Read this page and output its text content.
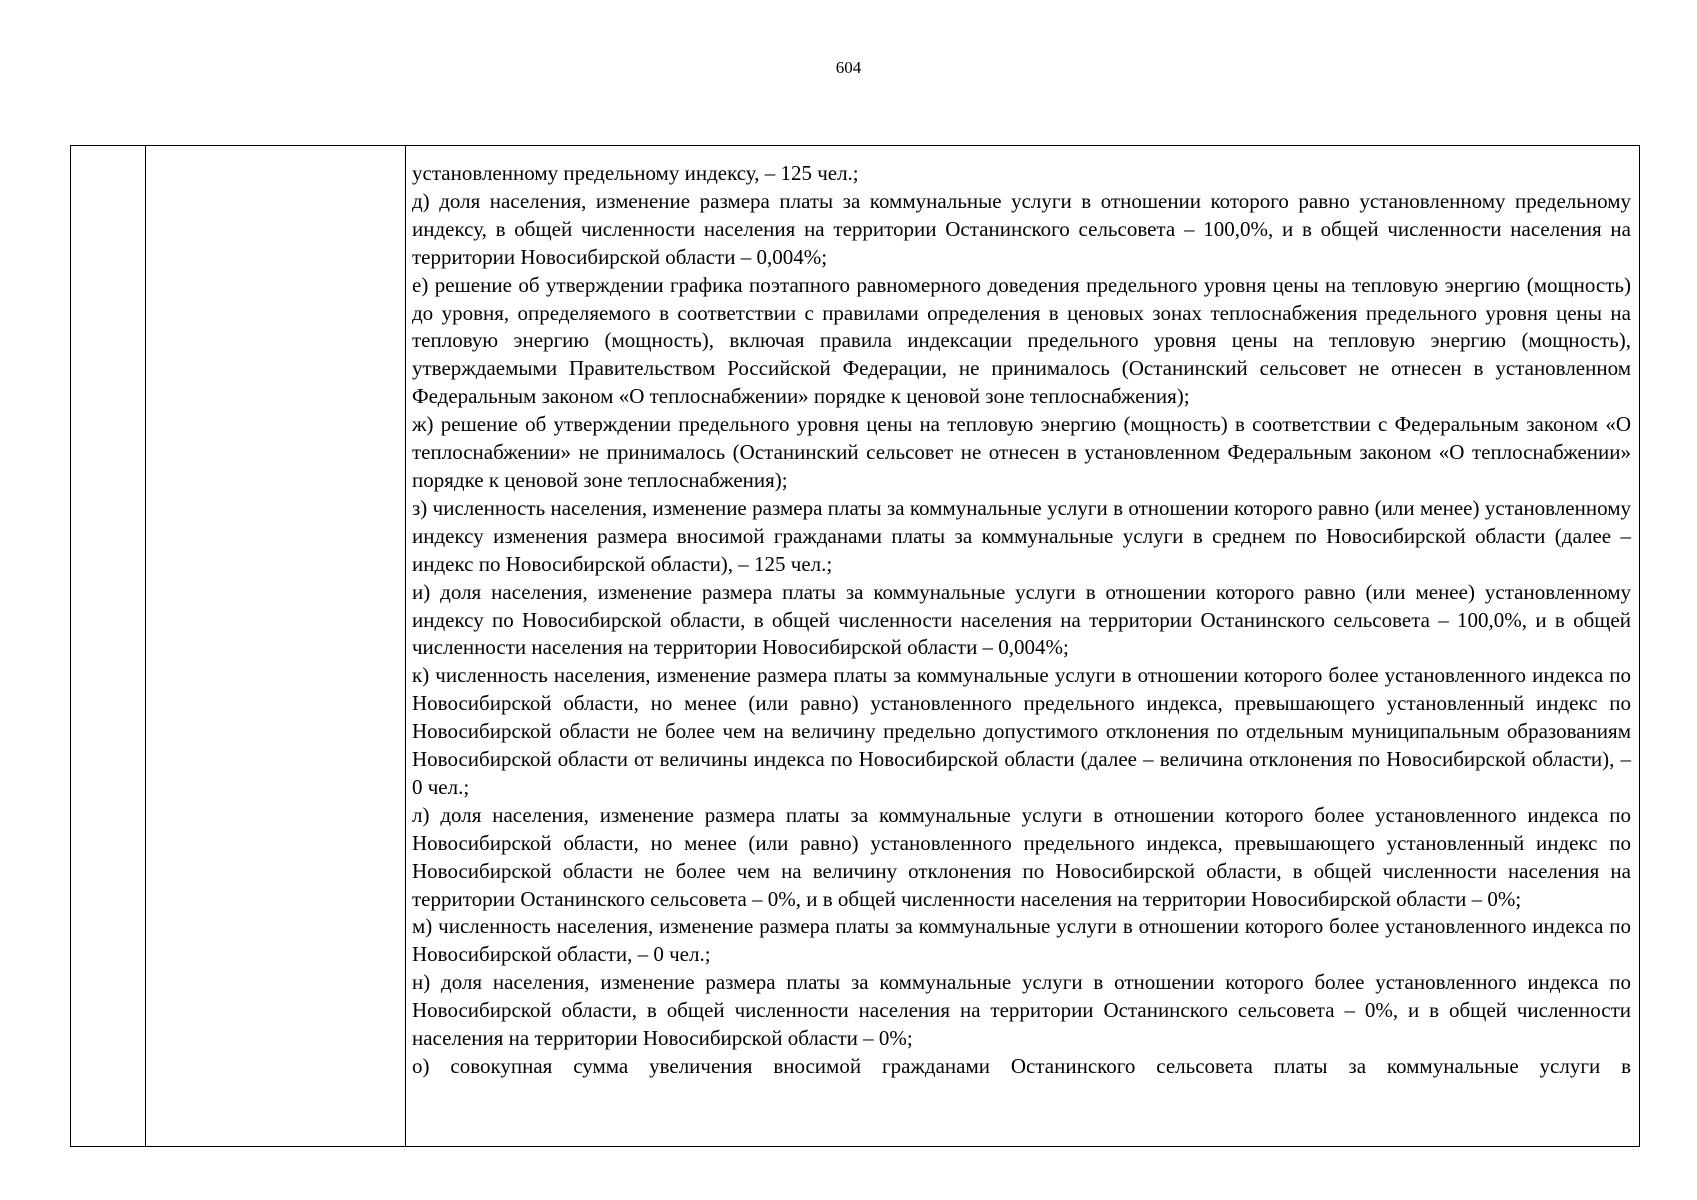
604

установленному предельному индексу, – 125 чел.;

д) доля населения, изменение размера платы за коммунальные услуги в отношении которого равно установленному предельному индексу, в общей численности населения на территории Останинского сельсовета – 100,0%, и в общей численности населения на территории Новосибирской области – 0,004%;

е) решение об утверждении графика поэтапного равномерного доведения предельного уровня цены на тепловую энергию (мощность) до уровня, определяемого в соответствии с правилами определения в ценовых зонах теплоснабжения предельного уровня цены на тепловую энергию (мощность), включая правила индексации предельного уровня цены на тепловую энергию (мощность), утверждаемыми Правительством Российской Федерации, не принималось (Останинский сельсовет не отнесен в установленном Федеральным законом «О теплоснабжении» порядке к ценовой зоне теплоснабжения);

ж) решение об утверждении предельного уровня цены на тепловую энергию (мощность) в соответствии с Федеральным законом «О теплоснабжении» не принималось (Останинский сельсовет не отнесен в установленном Федеральным законом «О теплоснабжении» порядке к ценовой зоне теплоснабжения);

з) численность населения, изменение размера платы за коммунальные услуги в отношении которого равно (или менее) установленному индексу изменения размера вносимой гражданами платы за коммунальные услуги в среднем по Новосибирской области (далее – индекс по Новосибирской области), – 125 чел.;

и) доля населения, изменение размера платы за коммунальные услуги в отношении которого равно (или менее) установленному индексу по Новосибирской области, в общей численности населения на территории Останинского сельсовета – 100,0%, и в общей численности населения на территории Новосибирской области – 0,004%;

к) численность населения, изменение размера платы за коммунальные услуги в отношении которого более установленного индекса по Новосибирской области, но менее (или равно) установленного предельного индекса, превышающего установленный индекс по Новосибирской области не более чем на величину предельно допустимого отклонения по отдельным муниципальным образованиям Новосибирской области от величины индекса по Новосибирской области (далее – величина отклонения по Новосибирской области), – 0 чел.;

л) доля населения, изменение размера платы за коммунальные услуги в отношении которого более установленного индекса по Новосибирской области, но менее (или равно) установленного предельного индекса, превышающего установленный индекс по Новосибирской области не более чем на величину отклонения по Новосибирской области, в общей численности населения на территории Останинского сельсовета – 0%, и в общей численности населения на территории Новосибирской области – 0%;

м) численность населения, изменение размера платы за коммунальные услуги в отношении которого более установленного индекса по Новосибирской области, – 0 чел.;

н) доля населения, изменение размера платы за коммунальные услуги в отношении которого более установленного индекса по Новосибирской области, в общей численности населения на территории Останинского сельсовета – 0%, и в общей численности населения на территории Новосибирской области – 0%;

о) совокупная сумма увеличения вносимой гражданами Останинского сельсовета платы за коммунальные услуги в
